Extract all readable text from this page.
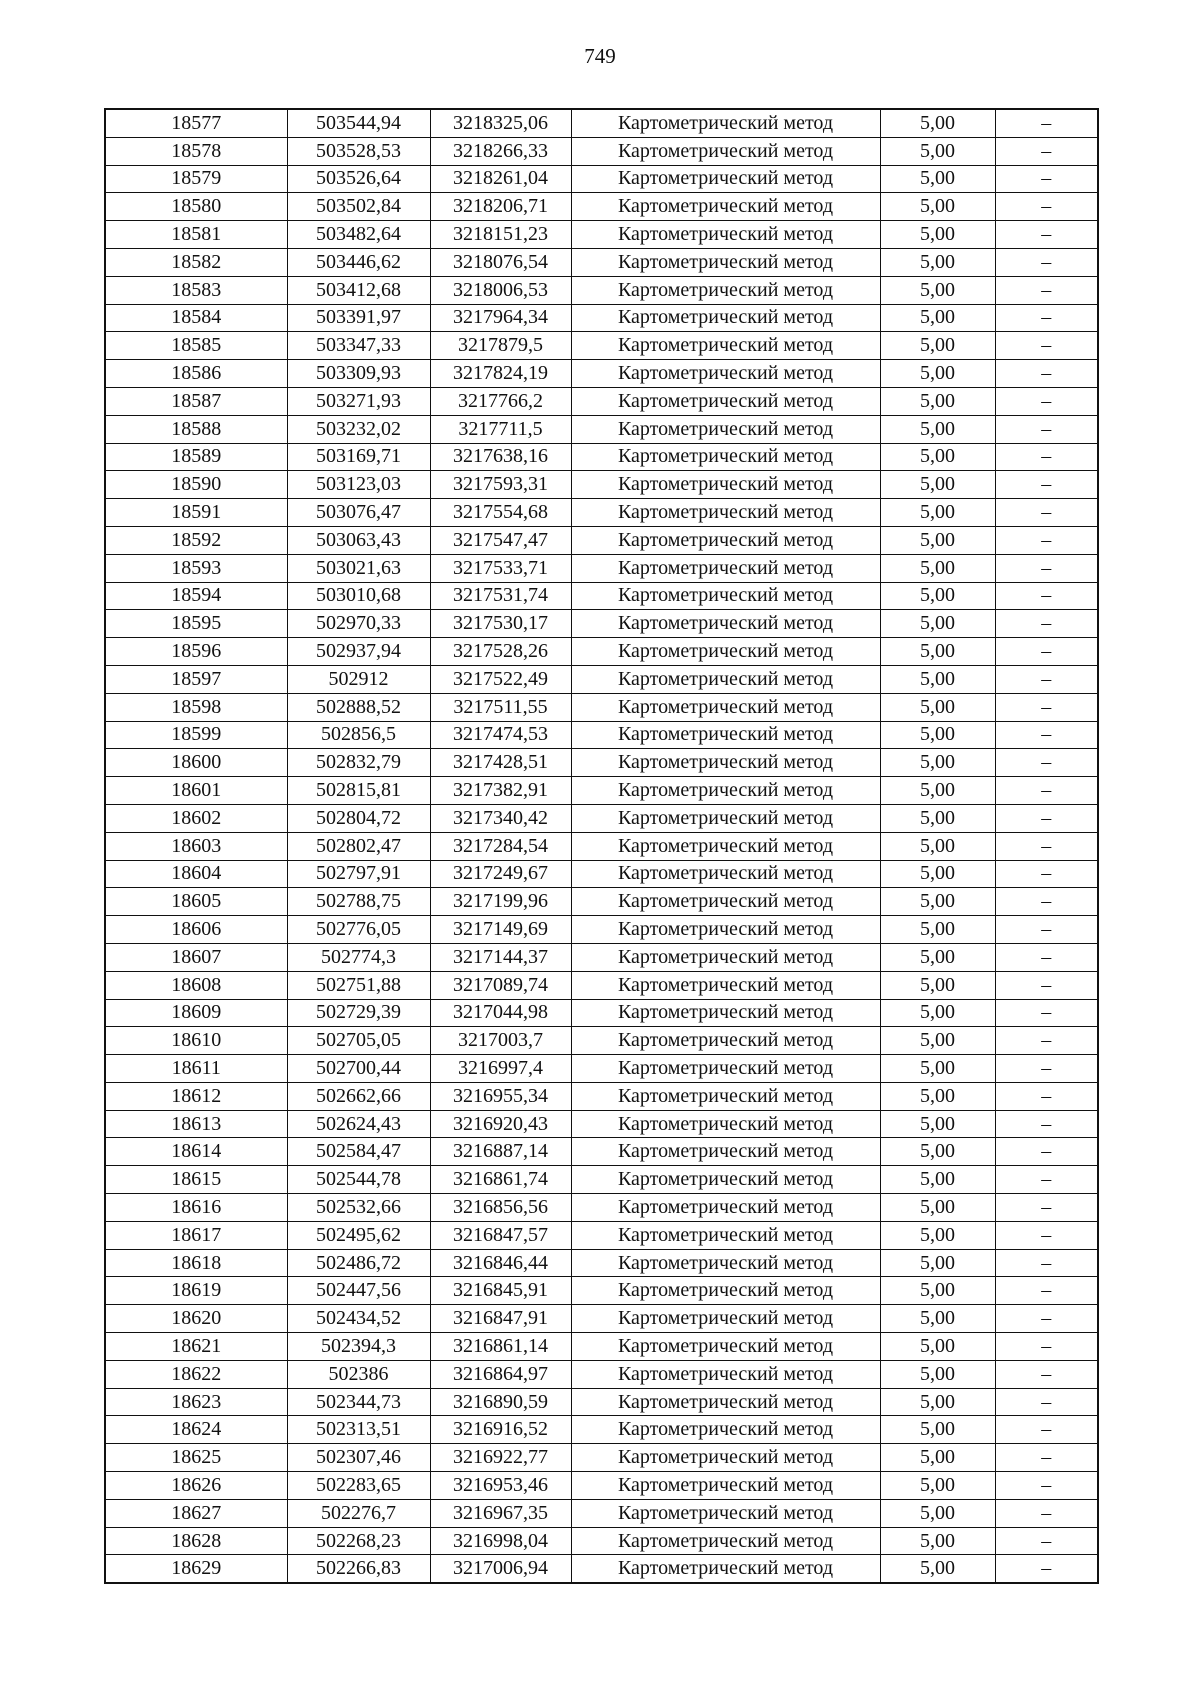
749
18577	503544,94	3218325,06	Картометрический метод	5,00	–
18578	503528,53	3218266,33	Картометрический метод	5,00	–
18579	503526,64	3218261,04	Картометрический метод	5,00	–
18580	503502,84	3218206,71	Картометрический метод	5,00	–
18581	503482,64	3218151,23	Картометрический метод	5,00	–
18582	503446,62	3218076,54	Картометрический метод	5,00	–
18583	503412,68	3218006,53	Картометрический метод	5,00	–
18584	503391,97	3217964,34	Картометрический метод	5,00	–
18585	503347,33	3217879,5	Картометрический метод	5,00	–
18586	503309,93	3217824,19	Картометрический метод	5,00	–
18587	503271,93	3217766,2	Картометрический метод	5,00	–
18588	503232,02	3217711,5	Картометрический метод	5,00	–
18589	503169,71	3217638,16	Картометрический метод	5,00	–
18590	503123,03	3217593,31	Картометрический метод	5,00	–
18591	503076,47	3217554,68	Картометрический метод	5,00	–
18592	503063,43	3217547,47	Картометрический метод	5,00	–
18593	503021,63	3217533,71	Картометрический метод	5,00	–
18594	503010,68	3217531,74	Картометрический метод	5,00	–
18595	502970,33	3217530,17	Картометрический метод	5,00	–
18596	502937,94	3217528,26	Картометрический метод	5,00	–
18597	502912	3217522,49	Картометрический метод	5,00	–
18598	502888,52	3217511,55	Картометрический метод	5,00	–
18599	502856,5	3217474,53	Картометрический метод	5,00	–
18600	502832,79	3217428,51	Картометрический метод	5,00	–
18601	502815,81	3217382,91	Картометрический метод	5,00	–
18602	502804,72	3217340,42	Картометрический метод	5,00	–
18603	502802,47	3217284,54	Картометрический метод	5,00	–
18604	502797,91	3217249,67	Картометрический метод	5,00	–
18605	502788,75	3217199,96	Картометрический метод	5,00	–
18606	502776,05	3217149,69	Картометрический метод	5,00	–
18607	502774,3	3217144,37	Картометрический метод	5,00	–
18608	502751,88	3217089,74	Картометрический метод	5,00	–
18609	502729,39	3217044,98	Картометрический метод	5,00	–
18610	502705,05	3217003,7	Картометрический метод	5,00	–
18611	502700,44	3216997,4	Картометрический метод	5,00	–
18612	502662,66	3216955,34	Картометрический метод	5,00	–
18613	502624,43	3216920,43	Картометрический метод	5,00	–
18614	502584,47	3216887,14	Картометрический метод	5,00	–
18615	502544,78	3216861,74	Картометрический метод	5,00	–
18616	502532,66	3216856,56	Картометрический метод	5,00	–
18617	502495,62	3216847,57	Картометрический метод	5,00	–
18618	502486,72	3216846,44	Картометрический метод	5,00	–
18619	502447,56	3216845,91	Картометрический метод	5,00	–
18620	502434,52	3216847,91	Картометрический метод	5,00	–
18621	502394,3	3216861,14	Картометрический метод	5,00	–
18622	502386	3216864,97	Картометрический метод	5,00	–
18623	502344,73	3216890,59	Картометрический метод	5,00	–
18624	502313,51	3216916,52	Картометрический метод	5,00	–
18625	502307,46	3216922,77	Картометрический метод	5,00	–
18626	502283,65	3216953,46	Картометрический метод	5,00	–
18627	502276,7	3216967,35	Картометрический метод	5,00	–
18628	502268,23	3216998,04	Картометрический метод	5,00	–
18629	502266,83	3217006,94	Картометрический метод	5,00	–
